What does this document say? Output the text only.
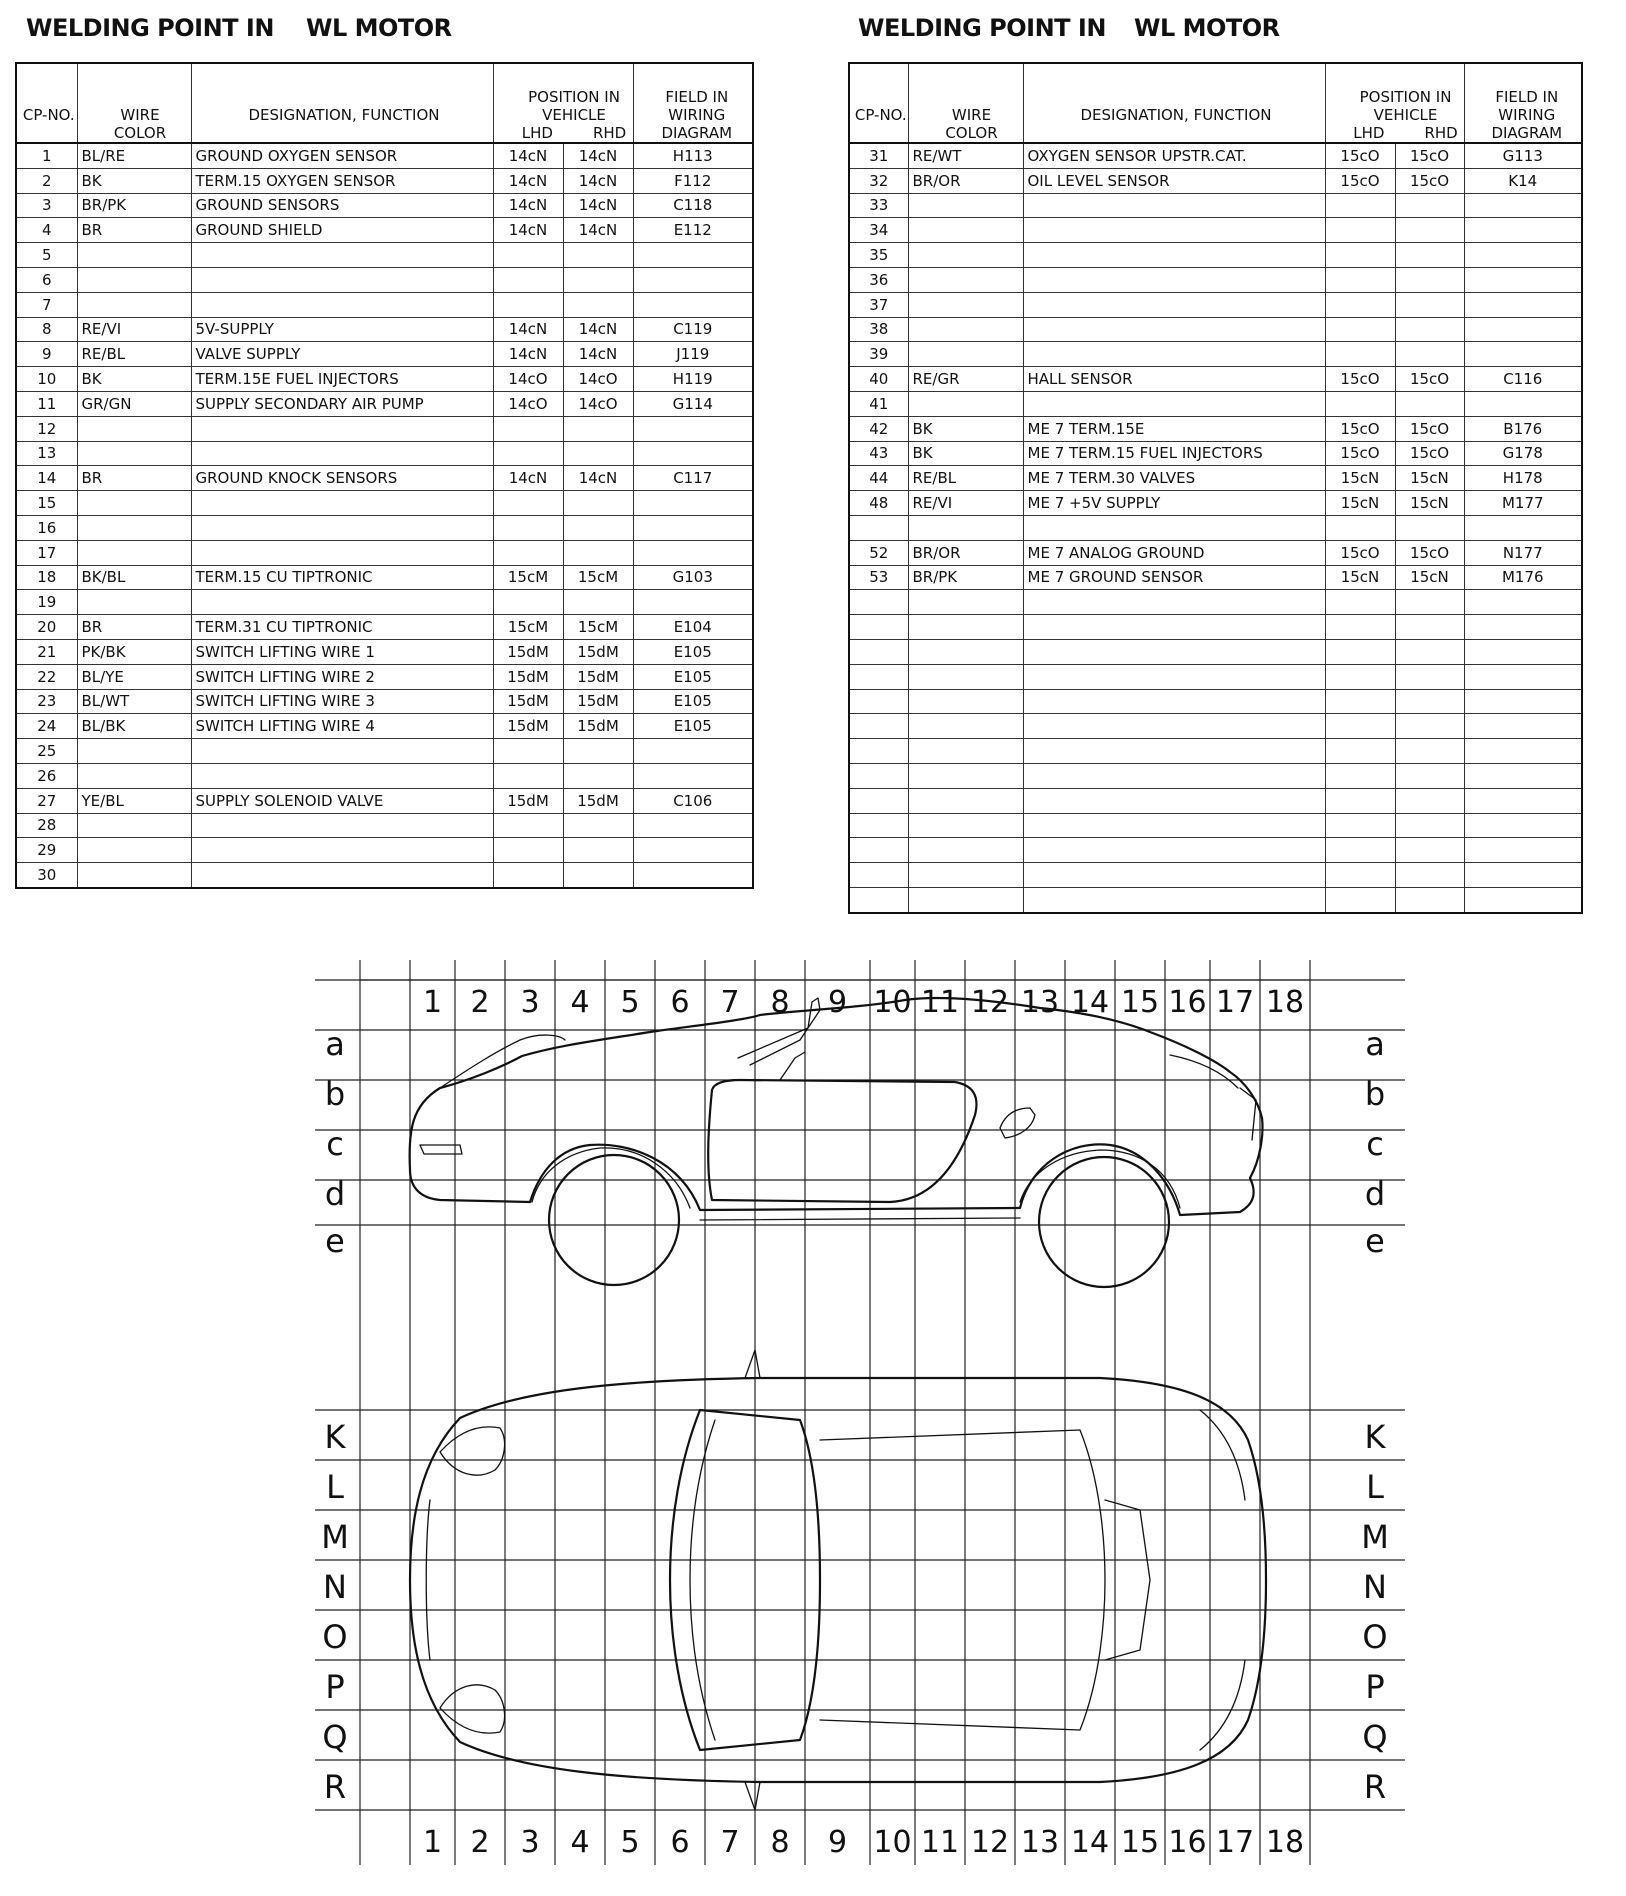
WELDING POINT IN WL MOTOR	WELDING POINT IN WL MOTOR
CP-NO.	WIRE
COLOR	DESIGNATION, FUNCTION	POSITION IN
VEHICLE
LHD RHD		FIELD IN
WIRING
DIAGRAM
1	BL/RE	GROUND OXYGEN SENSOR	14cN	14cN	H113
2	BK	TERM.15 OXYGEN SENSOR	14cN	14cN	F112
3	BR/PK	GROUND SENSORS	14cN	14cN	C118
4	BR	GROUND SHIELD	14cN	14cN	E112
5					
6					
7					
8	RE/VI	5V-SUPPLY	14cN	14cN	C119
9	RE/BL	VALVE SUPPLY	14cN	14cN	J119
10	BK	TERM.15E FUEL INJECTORS	14cO	14cO	H119
11	GR/GN	SUPPLY SECONDARY AIR PUMP	14cO	14cO	G114
12					
13					
14	BR	GROUND KNOCK SENSORS	14cN	14cN	C117
15					
16					
17					
18	BK/BL	TERM.15 CU TIPTRONIC	15cM	15cM	G103
19					
20	BR	TERM.31 CU TIPTRONIC	15cM	15cM	E104
21	PK/BK	SWITCH LIFTING WIRE 1	15dM	15dM	E105
22	BL/YE	SWITCH LIFTING WIRE 2	15dM	15dM	E105
23	BL/WT	SWITCH LIFTING WIRE 3	15dM	15dM	E105
24	BL/BK	SWITCH LIFTING WIRE 4	15dM	15dM	E105
25					
26					
27	YE/BL	SUPPLY SOLENOID VALVE	15dM	15dM	C106
28					
29					
30					
CP-NO.	WIRE
COLOR	DESIGNATION, FUNCTION	POSITION IN
VEHICLE
LHD RHD		FIELD IN
WIRING
DIAGRAM
31	RE/WT	OXYGEN SENSOR UPSTR.CAT.	15cO	15cO	G113
32	BR/OR	OIL LEVEL SENSOR	15cO	15cO	K14
33					
34					
35					
36					
37					
38					
39					
40	RE/GR	HALL SENSOR	15cO	15cO	C116
41					
42	BK	ME 7 TERM.15E	15cO	15cO	B176
43	BK	ME 7 TERM.15 FUEL INJECTORS	15cO	15cO	G178
44	RE/BL	ME 7 TERM.30 VALVES	15cN	15cN	H178
48	RE/VI	ME 7 +5V SUPPLY	15cN	15cN	M177

52	BR/OR	ME 7 ANALOG GROUND	15cO	15cO	N177
53	BR/PK	ME 7 GROUND SENSOR	15cN	15cN	M176

1
1
2
2
3
3
4
4
5
5
6
6
7
7
8
8
9
9
10
10
11
11
12
12
13
13
14
14
15
15
16
16
17
17
18
18
a	a
b	b
c	c
d	d
e	e
K	K
L	L
M	M
N	N
O	O
P	P
Q	Q
R	R
